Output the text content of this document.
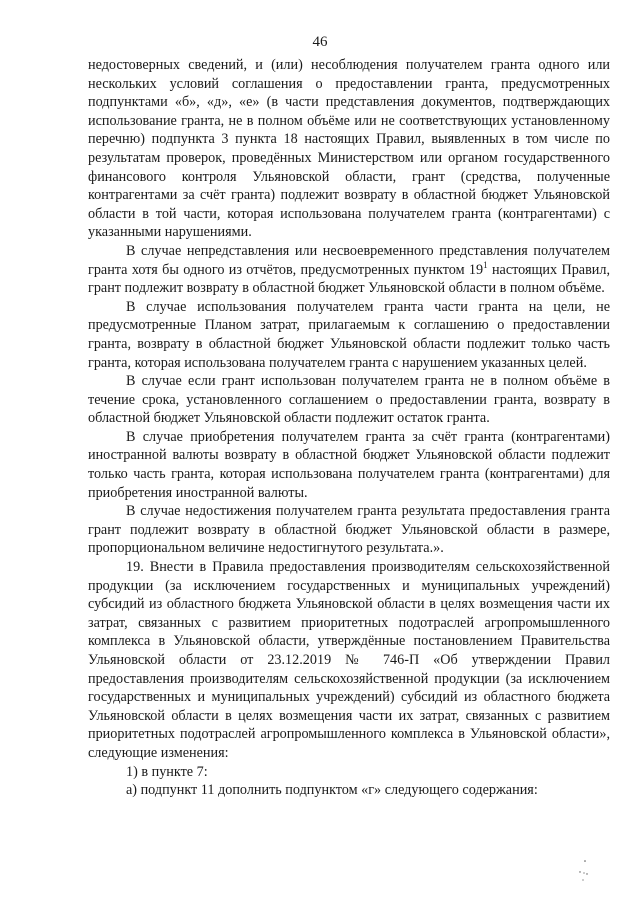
46

недостоверных сведений, и (или) несоблюдения получателем гранта одного или нескольких условий соглашения о предоставлении гранта, предусмотренных подпунктами «б», «д», «е» (в части представления документов, подтверждающих использование гранта, не в полном объёме или не соответствующих установленному перечню) подпункта 3 пункта 18 настоящих Правил, выявленных в том числе по результатам проверок, проведённых Министерством или органом государственного финансового контроля Ульяновской области, грант (средства, полученные контрагентами за счёт гранта) подлежит возврату в областной бюджет Ульяновской области в той части, которая использована получателем гранта (контрагентами) с указанными нарушениями.

В случае непредставления или несвоевременного представления получателем гранта хотя бы одного из отчётов, предусмотренных пунктом $19^1$ настоящих Правил, грант подлежит возврату в областной бюджет Ульяновской области в полном объёме.

В случае использования получателем гранта части гранта на цели, не предусмотренные Планом затрат, прилагаемым к соглашению о предоставлении гранта, возврату в областной бюджет Ульяновской области подлежит только часть гранта, которая использована получателем гранта с нарушением указанных целей.

В случае если грант использован получателем гранта не в полном объёме в течение срока, установленного соглашением о предоставлении гранта, возврату в областной бюджет Ульяновской области подлежит остаток гранта.

В случае приобретения получателем гранта за счёт гранта (контрагентами) иностранной валюты возврату в областной бюджет Ульяновской области подлежит только часть гранта, которая использована получателем гранта (контрагентами) для приобретения иностранной валюты.

В случае недостижения получателем гранта результата предоставления гранта грант подлежит возврату в областной бюджет Ульяновской области в размере, пропорциональном величине недостигнутого результата.».

19. Внести в Правила предоставления производителям сельскохозяйственной продукции (за исключением государственных и муниципальных учреждений) субсидий из областного бюджета Ульяновской области в целях возмещения части их затрат, связанных с развитием приоритетных подотраслей агропромышленного комплекса в Ульяновской области, утверждённые постановлением Правительства Ульяновской области от 23.12.2019 № 746-П «Об утверждении Правил предоставления производителям сельскохозяйственной продукции (за исключением государственных и муниципальных учреждений) субсидий из областного бюджета Ульяновской области в целях возмещения части их затрат, связанных с развитием приоритетных подотраслей агропромышленного комплекса в Ульяновской области», следующие изменения:

1) в пункте 7:

а) подпункт 11 дополнить подпунктом «г» следующего содержания:
